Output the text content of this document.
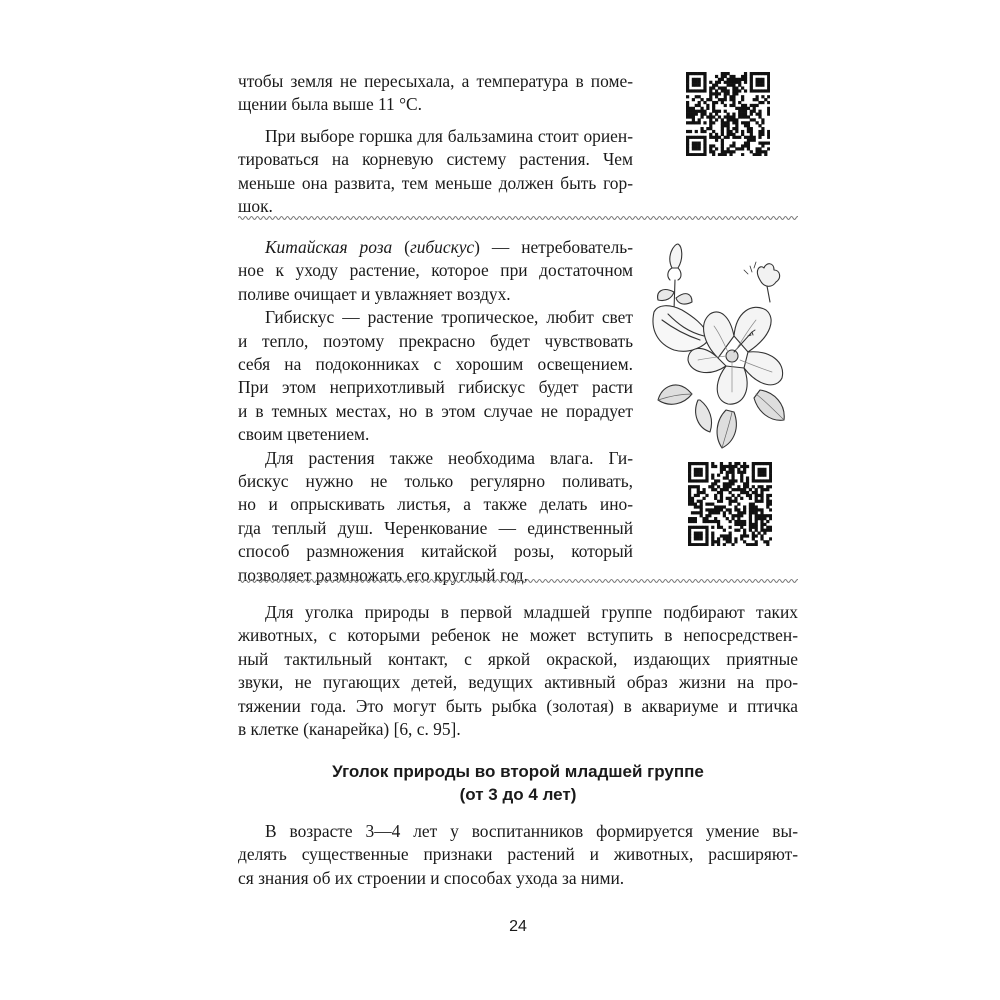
чтобы земля не пересыхала, а температура в поме-
щении была выше 11 °С.
При выборе горшка для бальзамина стоит ориен-
тироваться на корневую систему растения. Чем
меньше она развита, тем меньше должен быть гор-
шок.
Китайская роза (гибискус) — нетребователь-
ное к уходу растение, которое при достаточном
поливе очищает и увлажняет воздух.
Гибискус — растение тропическое, любит свет
и тепло, поэтому прекрасно будет чувствовать
себя на подоконниках с хорошим освещением.
При этом неприхотливый гибискус будет расти
и в темных местах, но в этом случае не порадует
своим цветением.
Для растения также необходима влага. Ги-
бискус нужно не только регулярно поливать,
но и опрыскивать листья, а также делать ино-
гда теплый душ. Черенкование — единственный
способ размножения китайской розы, который
позволяет размножать его круглый год.
Для уголка природы в первой младшей группе подбирают таких
животных, с которыми ребенок не может вступить в непосредствен-
ный тактильный контакт, с яркой окраской, издающих приятные
звуки, не пугающих детей, ведущих активный образ жизни на про-
тяжении года. Это могут быть рыбка (золотая) в аквариуме и птичка
в клетке (канарейка) [6, с. 95].
Уголок природы во второй младшей группе
(от 3 до 4 лет)
В возрасте 3—4 лет у воспитанников формируется умение вы-
делять существенные признаки растений и животных, расширяют-
ся знания об их строении и способах ухода за ними.
24
